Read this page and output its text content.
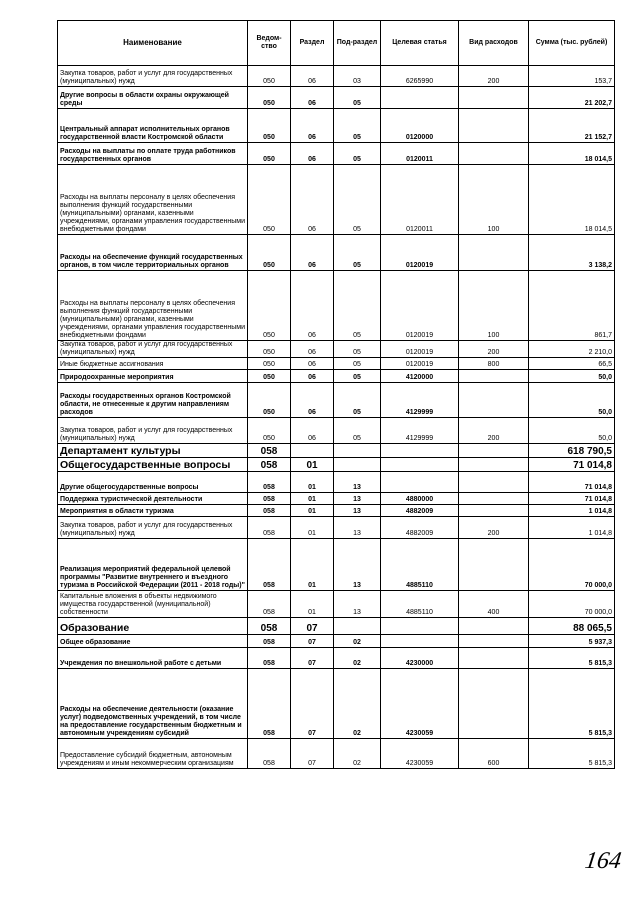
Наименование	Ведом-ство	Раздел	Под-раздел	Целевая статья	Вид расходов	Сумма (тыс. рублей)
Закупка товаров, работ и услуг для государственных (муниципальных) нужд	050	06	03	6265990	200	153,7
Другие вопросы в области охраны окружающей среды	050	06	05			21 202,7
Центральный аппарат исполнительных органов государственной власти Костромской области	050	06	05	0120000		21 152,7
Расходы на выплаты по оплате труда работников государственных органов	050	06	05	0120011		18 014,5
Расходы на выплаты персоналу в целях обеспечения выполнения функций государственными (муниципальными) органами, казенными учреждениями, органами управления государственными внебюджетными фондами	050	06	05	0120011	100	18 014,5
Расходы на обеспечение функций государственных органов, в том числе территориальных органов	050	06	05	0120019		3 138,2
Расходы на выплаты персоналу в целях обеспечения выполнения функций государственными (муниципальными) органами, казенными учреждениями, органами управления государственными внебюджетными фондами	050	06	05	0120019	100	861,7
Закупка товаров, работ и услуг для государственных (муниципальных) нужд	050	06	05	0120019	200	2 210,0
Иные бюджетные ассигнования	050	06	05	0120019	800	66,5
Природоохранные мероприятия	050	06	05	4120000		50,0
Расходы государственных органов Костромской области, не отнесенные к другим направлениям расходов	050	06	05	4129999		50,0
Закупка товаров, работ и услуг для государственных (муниципальных) нужд	050	06	05	4129999	200	50,0
Департамент культуры	058					618 790,5
Общегосударственные вопросы	058	01				71 014,8
Другие общегосударственные вопросы	058	01	13			71 014,8
Поддержка туристической деятельности	058	01	13	4880000		71 014,8
Мероприятия в области туризма	058	01	13	4882009		1 014,8
Закупка товаров, работ и услуг для государственных (муниципальных) нужд	058	01	13	4882009	200	1 014,8
Реализация мероприятий федеральной целевой программы "Развитие внутреннего и въездного туризма в Российской Федерации (2011 - 2018 годы)"	058	01	13	4885110		70 000,0
Капитальные вложения в объекты недвижимого имущества государственной (муниципальной) собственности	058	01	13	4885110	400	70 000,0
Образование	058	07				88 065,5
Общее образование	058	07	02			5 937,3
Учреждения по внешкольной работе с детьми	058	07	02	4230000		5 815,3
Расходы на обеспечение деятельности (оказание услуг) подведомственных учреждений, в том числе на предоставление государственным бюджетным и автономным учреждениям субсидий	058	07	02	4230059		5 815,3
Предоставление субсидий бюджетным, автономным учреждениям и иным некоммерческим организациям	058	07	02	4230059	600	5 815,3
164
